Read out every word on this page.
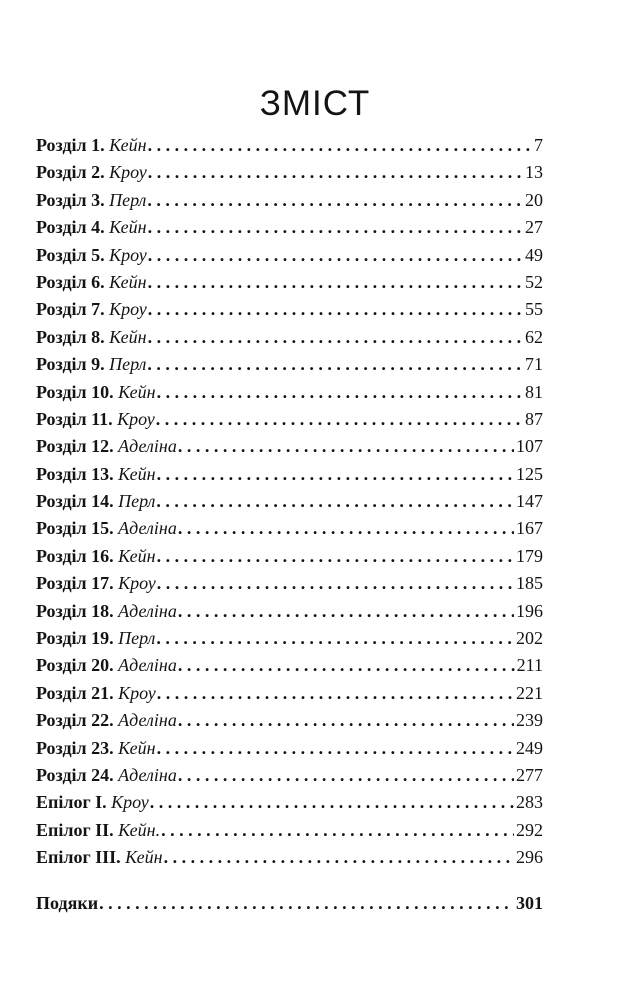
ЗМІСТ
Розділ 1. Кейн . . .	7
Розділ 2. Кроу . . .	13
Розділ 3. Перл . . .	20
Розділ 4. Кейн . . .	27
Розділ 5. Кроу . . .	49
Розділ 6. Кейн . . .	52
Розділ 7. Кроу . . .	55
Розділ 8. Кейн . . .	62
Розділ 9. Перл . . .	71
Розділ 10. Кейн . . .	81
Розділ 11. Кроу . . .	87
Розділ 12. Аделіна . . .	107
Розділ 13. Кейн . . .	125
Розділ 14. Перл . . .	147
Розділ 15. Аделіна . . .	167
Розділ 16. Кейн . . .	179
Розділ 17. Кроу . . .	185
Розділ 18. Аделіна . . .	196
Розділ 19. Перл . . .	202
Розділ 20. Аделіна . . .	211
Розділ 21. Кроу . . .	221
Розділ 22. Аделіна . . .	239
Розділ 23. Кейн . . .	249
Розділ 24. Аделіна . . .	277
Епілог І. Кроу . . .	283
Епілог ІІ. Кейн. . . .	292
Епілог ІІІ. Кейн . . .	296
Подяки . . .	301
